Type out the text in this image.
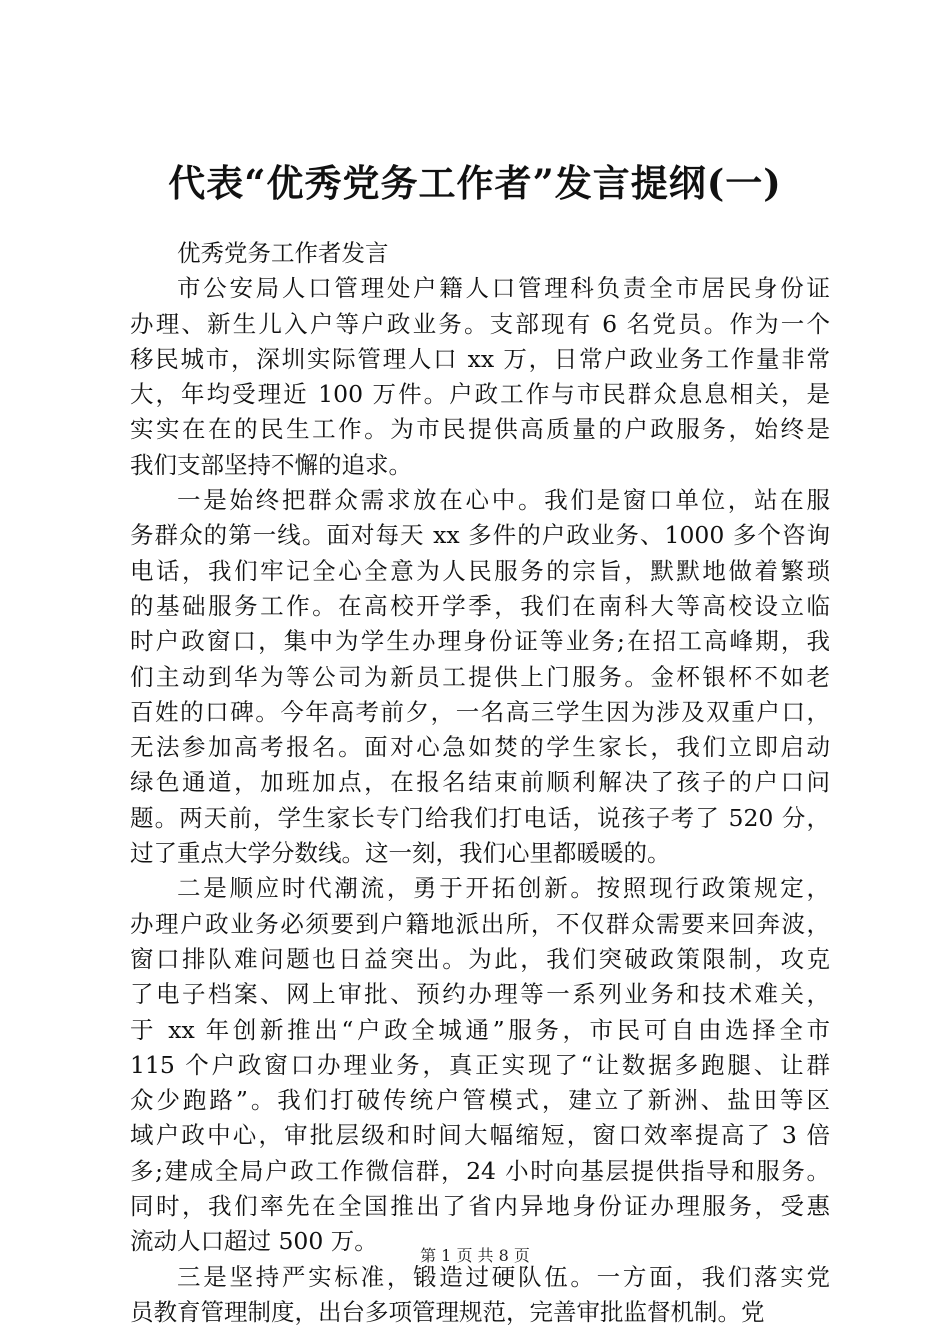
代表“优秀党务工作者”发言提纲(一)
优秀党务工作者发言
市公安局人口管理处户籍人口管理科负责全市居民身份证
办理、新生儿入户等户政业务。支部现有 6 名党员。作为一个
移民城市，深圳实际管理人口 xx 万，日常户政业务工作量非常
大，年均受理近 100 万件。户政工作与市民群众息息相关，是
实实在在的民生工作。为市民提供高质量的户政服务，始终是
我们支部坚持不懈的追求。
一是始终把群众需求放在心中。我们是窗口单位，站在服
务群众的第一线。面对每天 xx 多件的户政业务、1000 多个咨询
电话，我们牢记全心全意为人民服务的宗旨，默默地做着繁琐
的基础服务工作。在高校开学季，我们在南科大等高校设立临
时户政窗口，集中为学生办理身份证等业务;在招工高峰期，我
们主动到华为等公司为新员工提供上门服务。金杯银杯不如老
百姓的口碑。今年高考前夕，一名高三学生因为涉及双重户口，
无法参加高考报名。面对心急如焚的学生家长，我们立即启动
绿色通道，加班加点，在报名结束前顺利解决了孩子的户口问
题。两天前，学生家长专门给我们打电话，说孩子考了 520 分，
过了重点大学分数线。这一刻，我们心里都暖暖的。
二是顺应时代潮流，勇于开拓创新。按照现行政策规定，
办理户政业务必须要到户籍地派出所，不仅群众需要来回奔波，
窗口排队难问题也日益突出。为此，我们突破政策限制，攻克
了电子档案、网上审批、预约办理等一系列业务和技术难关，
于 xx 年创新推出“户政全城通”服务，市民可自由选择全市
115 个户政窗口办理业务，真正实现了“让数据多跑腿、让群
众少跑路”。我们打破传统户管模式，建立了新洲、盐田等区
域户政中心，审批层级和时间大幅缩短，窗口效率提高了 3 倍
多;建成全局户政工作微信群，24 小时向基层提供指导和服务。
同时，我们率先在全国推出了省内异地身份证办理服务，受惠
流动人口超过 500 万。
三是坚持严实标准，锻造过硬队伍。一方面，我们落实党
员教育管理制度，出台多项管理规范，完善审批监督机制。党
第 1 页 共 8 页
